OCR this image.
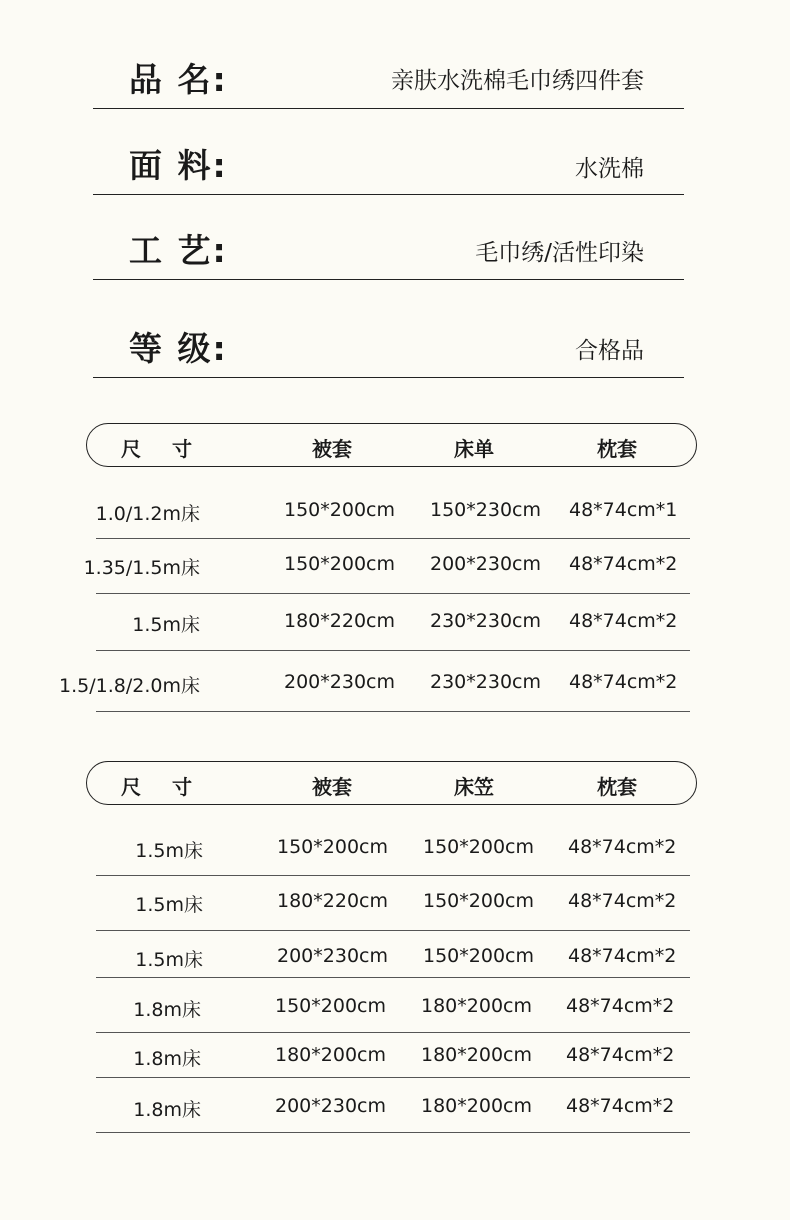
品 名:	亲肤水洗棉毛巾绣四件套
面 料:	水洗棉
工 艺:	毛巾绣/活性印染
等 级:	合格品
尺 寸	被套	床单	枕套
1.0/1.2m床	150*200cm 150*230cm 48*74cm*1
1.35/1.5m床	150*200cm 200*230cm 48*74cm*2
1.5m床	180*220cm 230*230cm 48*74cm*2
1.5/1.8/2.0m床	200*230cm 230*230cm 48*74cm*2
尺 寸	被套	床笠	枕套
1.5m床	150*200cm 150*200cm 48*74cm*2
1.5m床	180*220cm 150*200cm 48*74cm*2
1.5m床	200*230cm 150*200cm 48*74cm*2
1.8m床	150*200cm 180*200cm 48*74cm*2
1.8m床	180*200cm 180*200cm 48*74cm*2
1.8m床	200*230cm 180*200cm 48*74cm*2
